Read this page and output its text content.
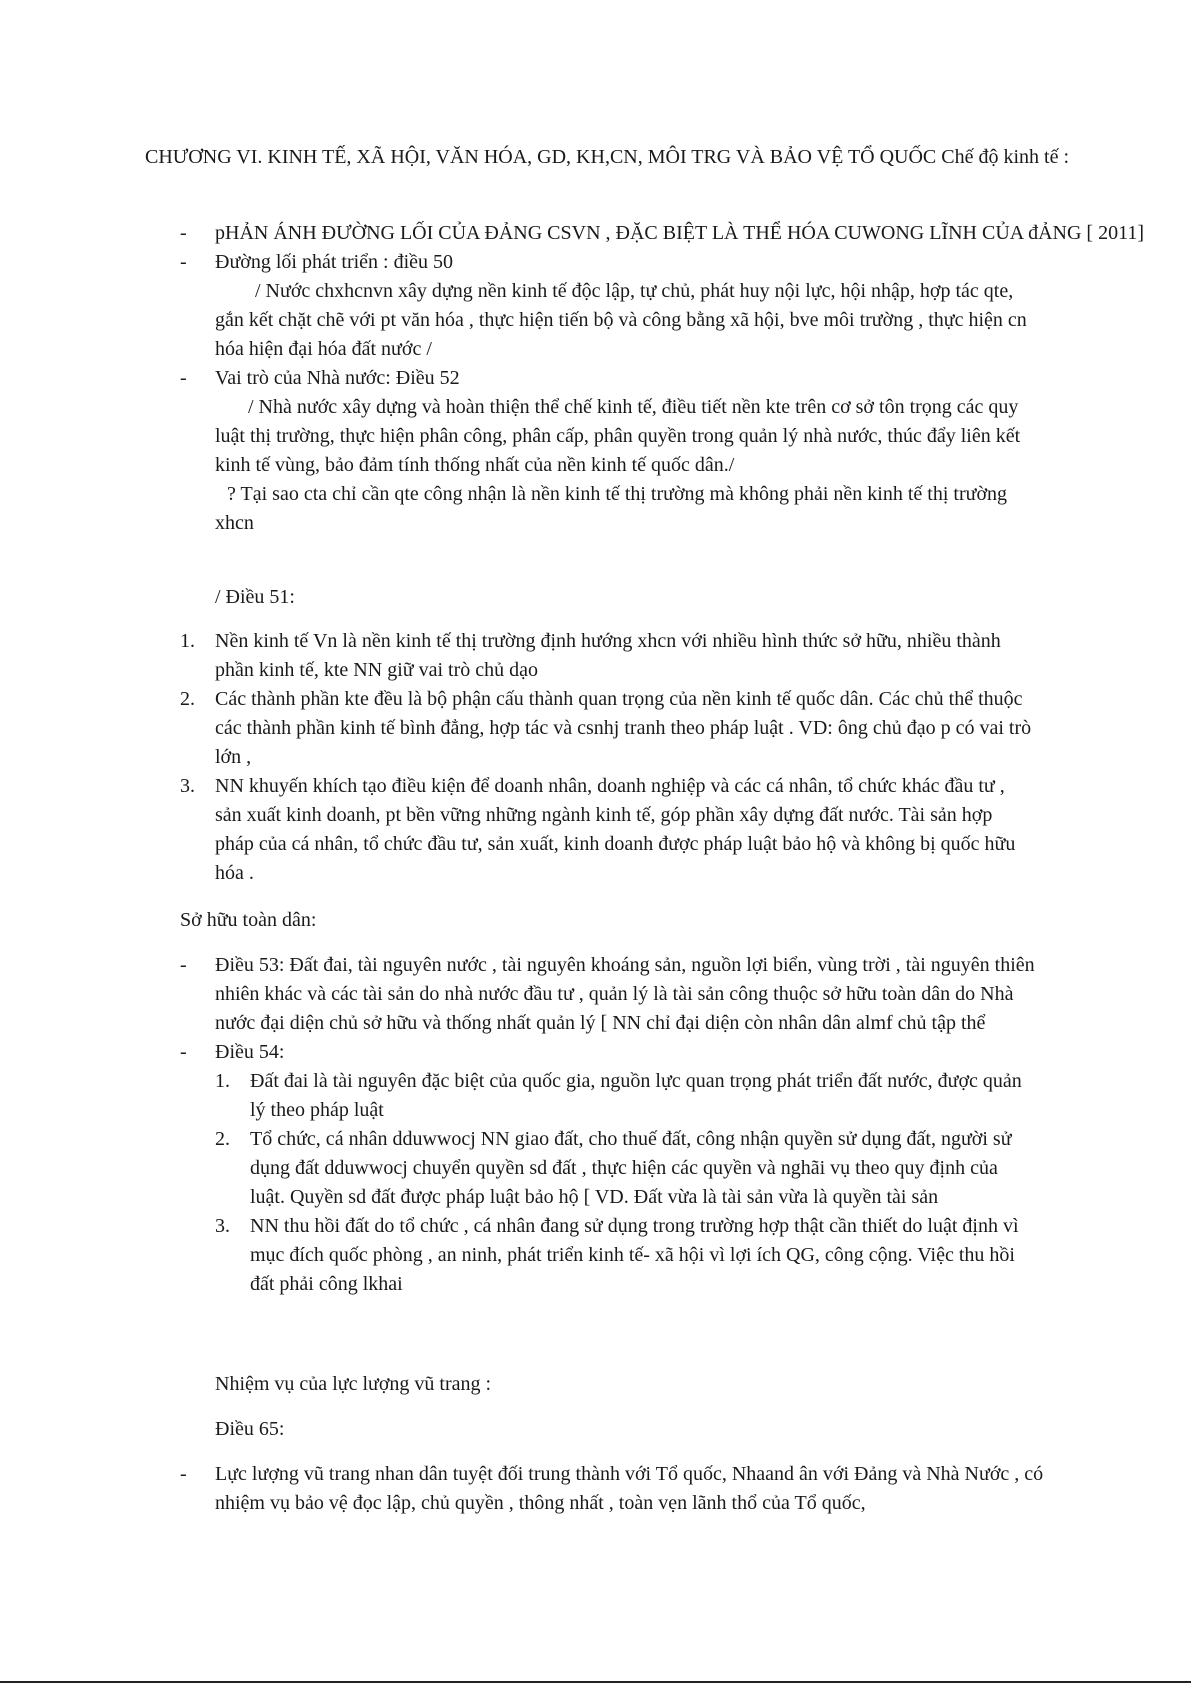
CHƯƠNG VI. KINH TẾ, XÃ HỘI, VĂN HÓA, GD, KH,CN, MÔI TRG VÀ BẢO VỆ TỔ QUỐC Chế độ kinh tế :
- pHẢN ÁNH ĐƯỜNG LỐI CỦA ĐẢNG CSVN , ĐẶC BIỆT LÀ THỂ HÓA CUWONG LĨNH CỦA đẢNG [ 2011]
- Đường lối phát triển : điều 50
/ Nước chxhcnvn xây dựng nền kinh tế độc lập, tự chủ, phát huy nội lực, hội nhập, hợp tác qte, gắn kết chặt chẽ với pt văn hóa , thực hiện tiến bộ và công bằng xã hội, bve môi trường , thực hiện cn hóa hiện đại hóa đất nước /
- Vai trò của Nhà nước: Điều 52
/ Nhà nước xây dựng và hoàn thiện thể chế kinh tế, điều tiết nền kte trên cơ sở tôn trọng các quy luật thị trường, thực hiện phân công, phân cấp, phân quyền trong quản lý nhà nước, thúc đẩy liên kết kinh tế vùng, bảo đảm tính thống nhất của nền kinh tế quốc dân./
? Tại sao cta chỉ cần qte công nhận là nền kinh tế thị trường mà không phải nền kinh tế thị trường xhcn
/ Điều 51:
1. Nền kinh tế Vn là nền kinh tế thị trường định hướng xhcn với nhiều hình thức sở hữu, nhiều thành phần kinh tế, kte NN giữ vai trò chủ dạo
2. Các thành phần kte đều là bộ phận cấu thành quan trọng của nền kinh tế quốc dân. Các chủ thể thuộc các thành phần kinh tế bình đẳng, hợp tác và csnhj tranh theo pháp luật . VD: ông chủ đạo p có vai trò lớn ,
3. NN khuyến khích tạo điều kiện để doanh nhân, doanh nghiệp và các cá nhân, tổ chức khác đầu tư , sản xuất kinh doanh, pt bền vững những ngành kinh tế, góp phần xây dựng đất nước. Tài sản hợp pháp của cá nhân, tổ chức đầu tư, sản xuất, kinh doanh được pháp luật bảo hộ và không bị quốc hữu hóa .
Sở hữu toàn dân:
- Điều 53: Đất đai, tài nguyên nước , tài nguyên khoáng sản, nguồn lợi biển, vùng trời , tài nguyên thiên nhiên khác và các tài sản do nhà nước đầu tư , quản lý là tài sản công thuộc sở hữu toàn dân do Nhà nước đại diện chủ sở hữu và thống nhất quản lý [ NN chỉ đại diện còn nhân dân almf chủ tập thể
- Điều 54:
1. Đất đai là tài nguyên đặc biệt của quốc gia, nguồn lực quan trọng phát triển đất nước, được quản lý theo pháp luật
2. Tổ chức, cá nhân dduwwocj NN giao đất, cho thuế đất, công nhận quyền sử dụng đất, người sử dụng đất dduwwocj chuyển quyền sd đất , thực hiện các quyền và nghãi vụ theo quy định của luật. Quyền sd đất được pháp luật bảo hộ [ VD. Đất vừa là tài sản vừa là quyền tài sản
3. NN thu hồi đất do tổ chức , cá nhân đang sử dụng trong trường hợp thật cần thiết do luật định vì mục đích quốc phòng , an ninh, phát triển kinh tế- xã hội vì lợi ích QG, công cộng. Việc thu hồi đất phải công lkhai
Nhiệm vụ của lực lượng vũ trang :
Điều 65:
- Lực lượng vũ trang nhan dân tuyệt đối trung thành với Tổ quốc, Nhaand ân với Đảng và Nhà Nước , có nhiệm vụ bảo vệ đọc lập, chủ quyền , thông nhất , toàn vẹn lãnh thổ của Tổ quốc,
